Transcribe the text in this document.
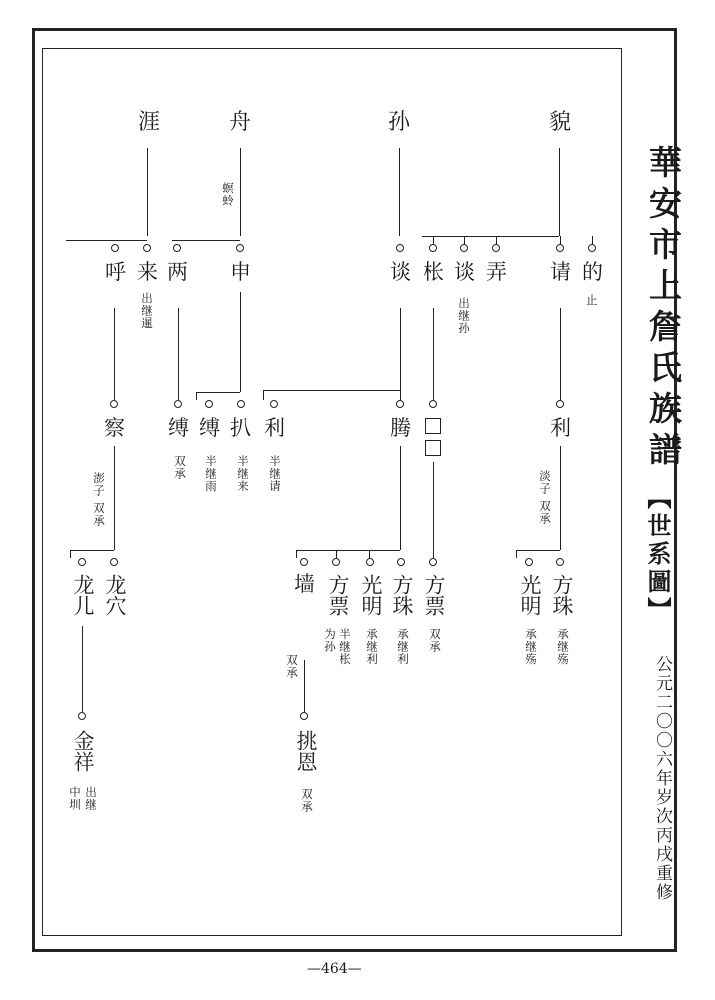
華安市上詹氏族譜
【世系圖】
公元二〇〇六年岁次丙戌重修
—464—
貌
孙
舟
涯
螟蛉
的
止
请
弄
谈
出继孙
枨
谈
申
两
来
出继暹
呼
利
腾
利
半继请
扒
半继来
缚
半继雨
缚
双承
察
淡子
双承
澎子
双承
方珠
承继殇
光明
承继殇
方票
双承
方珠
承继利
光明
承继利
方票
半继枨
为孙
墙
龙穴
龙儿
双承
挑恩
双承
金祥
出继
中圳
